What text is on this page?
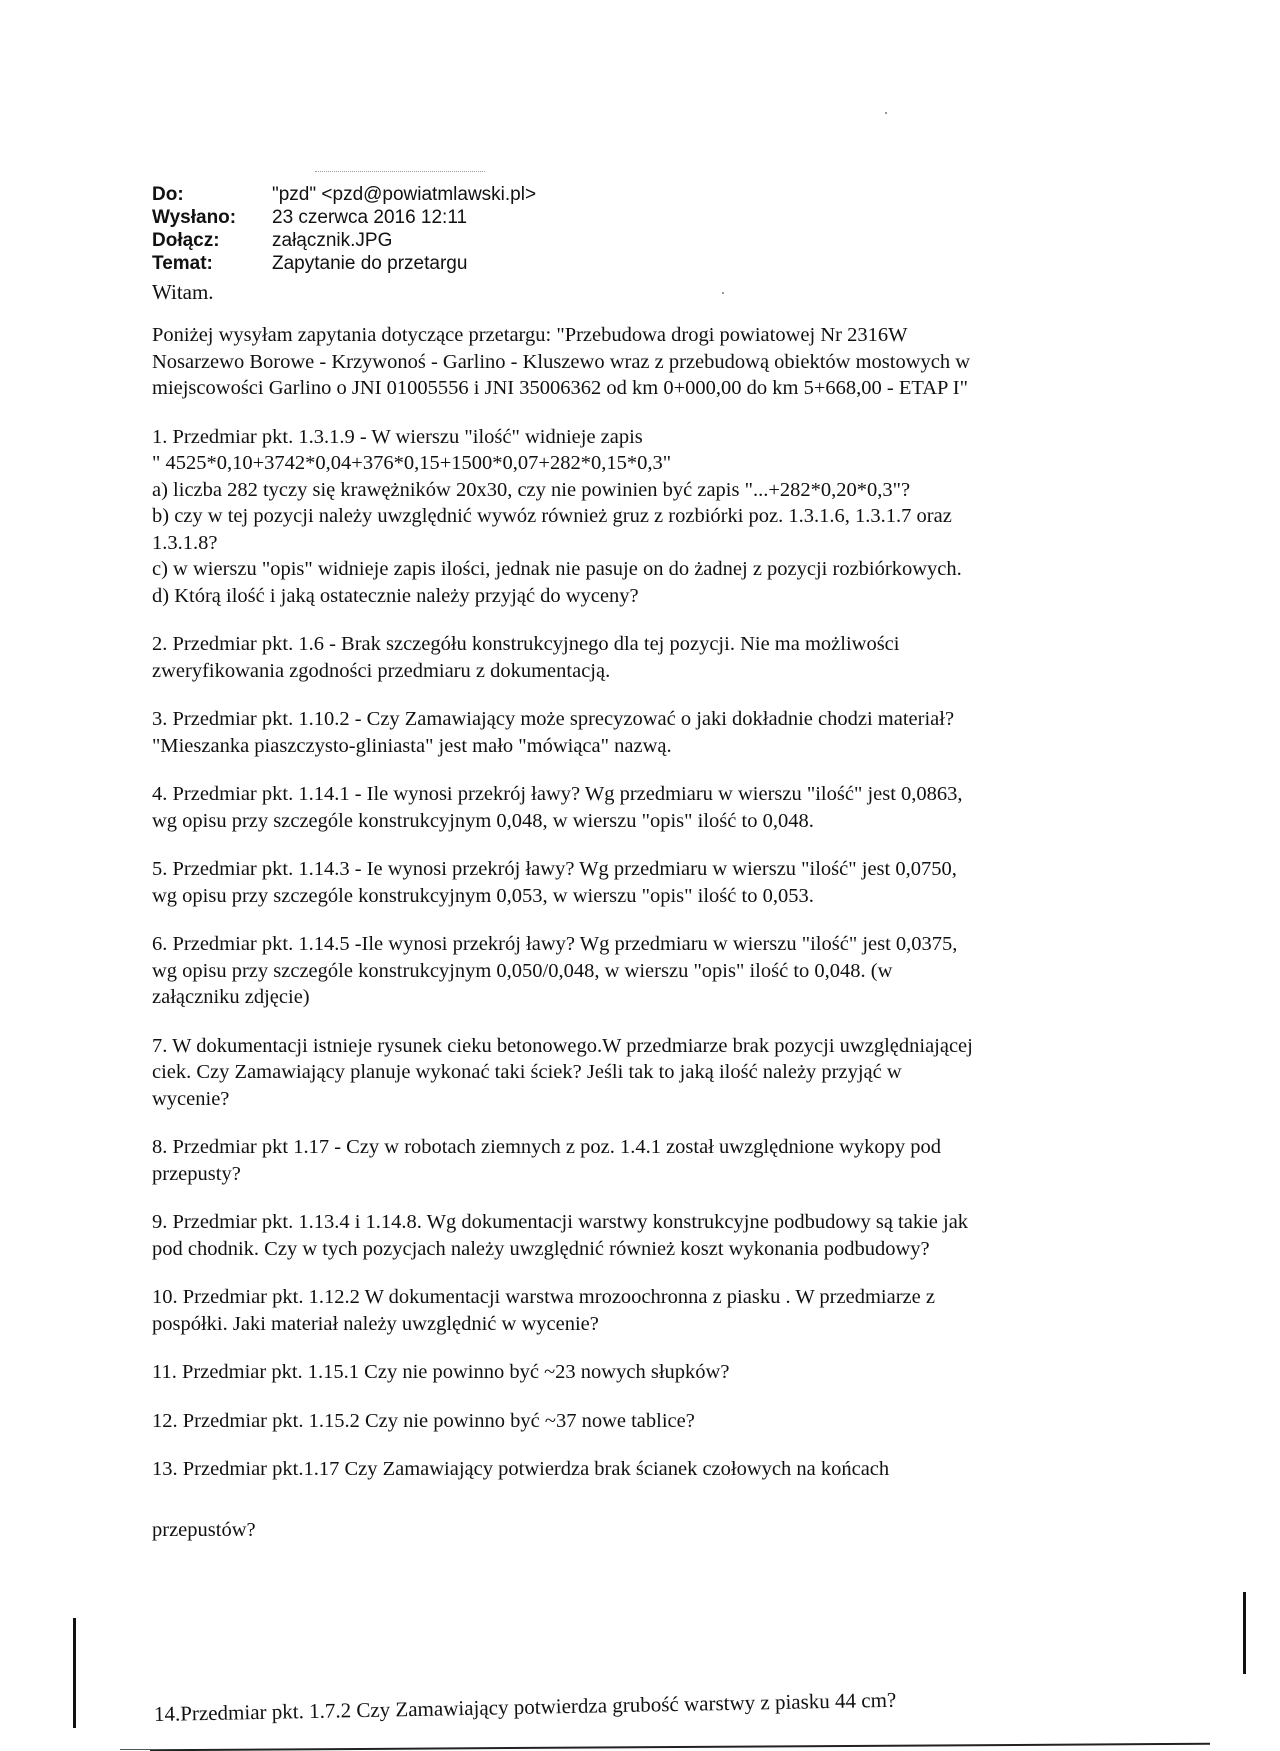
Do:	"pzd" <pzd@powiatmlawski.pl>
Wysłano:	23 czerwca 2016 12:11
Dołącz:	załącznik.JPG
Temat:	Zapytanie do przetargu
Witam.

Poniżej wysyłam zapytania dotyczące przetargu: "Przebudowa drogi powiatowej Nr 2316W
Nosarzewo Borowe - Krzywonoś - Garlino - Kluszewo wraz z przebudową obiektów mostowych w
miejscowości Garlino o JNI 01005556 i JNI 35006362 od km 0+000,00 do km 5+668,00 - ETAP I"

1. Przedmiar pkt. 1.3.1.9 - W wierszu "ilość" widnieje zapis
" 4525*0,10+3742*0,04+376*0,15+1500*0,07+282*0,15*0,3"
a) liczba 282 tyczy się krawężników 20x30, czy nie powinien być zapis "...+282*0,20*0,3"?
b) czy w tej pozycji należy uwzględnić wywóz również gruz z rozbiórki poz. 1.3.1.6, 1.3.1.7 oraz
1.3.1.8?
c) w wierszu "opis" widnieje zapis ilości, jednak nie pasuje on do żadnej z pozycji rozbiórkowych.
d) Którą ilość i jaką ostatecznie należy przyjąć do wyceny?

2. Przedmiar pkt. 1.6 - Brak szczegółu konstrukcyjnego dla tej pozycji. Nie ma możliwości
zweryfikowania zgodności przedmiaru z dokumentacją.

3. Przedmiar pkt. 1.10.2 - Czy Zamawiający może sprecyzować o jaki dokładnie chodzi materiał?
"Mieszanka piaszczysto-gliniasta" jest mało "mówiąca" nazwą.

4. Przedmiar pkt. 1.14.1 - Ile wynosi przekrój ławy? Wg przedmiaru w wierszu "ilość" jest 0,0863,
wg opisu przy szczególe konstrukcyjnym 0,048, w wierszu "opis" ilość to 0,048.

5. Przedmiar pkt. 1.14.3 - Ie wynosi przekrój ławy? Wg przedmiaru w wierszu "ilość" jest 0,0750,
wg opisu przy szczególe konstrukcyjnym 0,053, w wierszu "opis" ilość to 0,053.

6. Przedmiar pkt. 1.14.5 -Ile wynosi przekrój ławy? Wg przedmiaru w wierszu "ilość" jest 0,0375,
wg opisu przy szczególe konstrukcyjnym 0,050/0,048, w wierszu "opis" ilość to 0,048. (w
załączniku zdjęcie)

7. W dokumentacji istnieje rysunek cieku betonowego.W przedmiarze brak pozycji uwzględniającej
ciek. Czy Zamawiający planuje wykonać taki ściek? Jeśli tak to jaką ilość należy przyjąć w
wycenie?

8. Przedmiar pkt 1.17 - Czy w robotach ziemnych z poz. 1.4.1 został uwzględnione wykopy pod
przepusty?

9. Przedmiar pkt. 1.13.4 i 1.14.8. Wg dokumentacji warstwy konstrukcyjne podbudowy są takie jak
pod chodnik. Czy w tych pozycjach należy uwzględnić również koszt wykonania podbudowy?

10. Przedmiar pkt. 1.12.2 W dokumentacji warstwa mrozoochronna z piasku . W przedmiarze z
pospółki. Jaki materiał należy uwzględnić w wycenie?

11. Przedmiar pkt. 1.15.1 Czy nie powinno być ~23 nowych słupków?

12. Przedmiar pkt. 1.15.2 Czy nie powinno być ~37 nowe tablice?

13. Przedmiar pkt.1.17 Czy Zamawiający potwierdza brak ścianek czołowych na końcach
przepustów?

14.Przedmiar pkt. 1.7.2 Czy Zamawiający potwierdza grubość warstwy z piasku 44 cm?
